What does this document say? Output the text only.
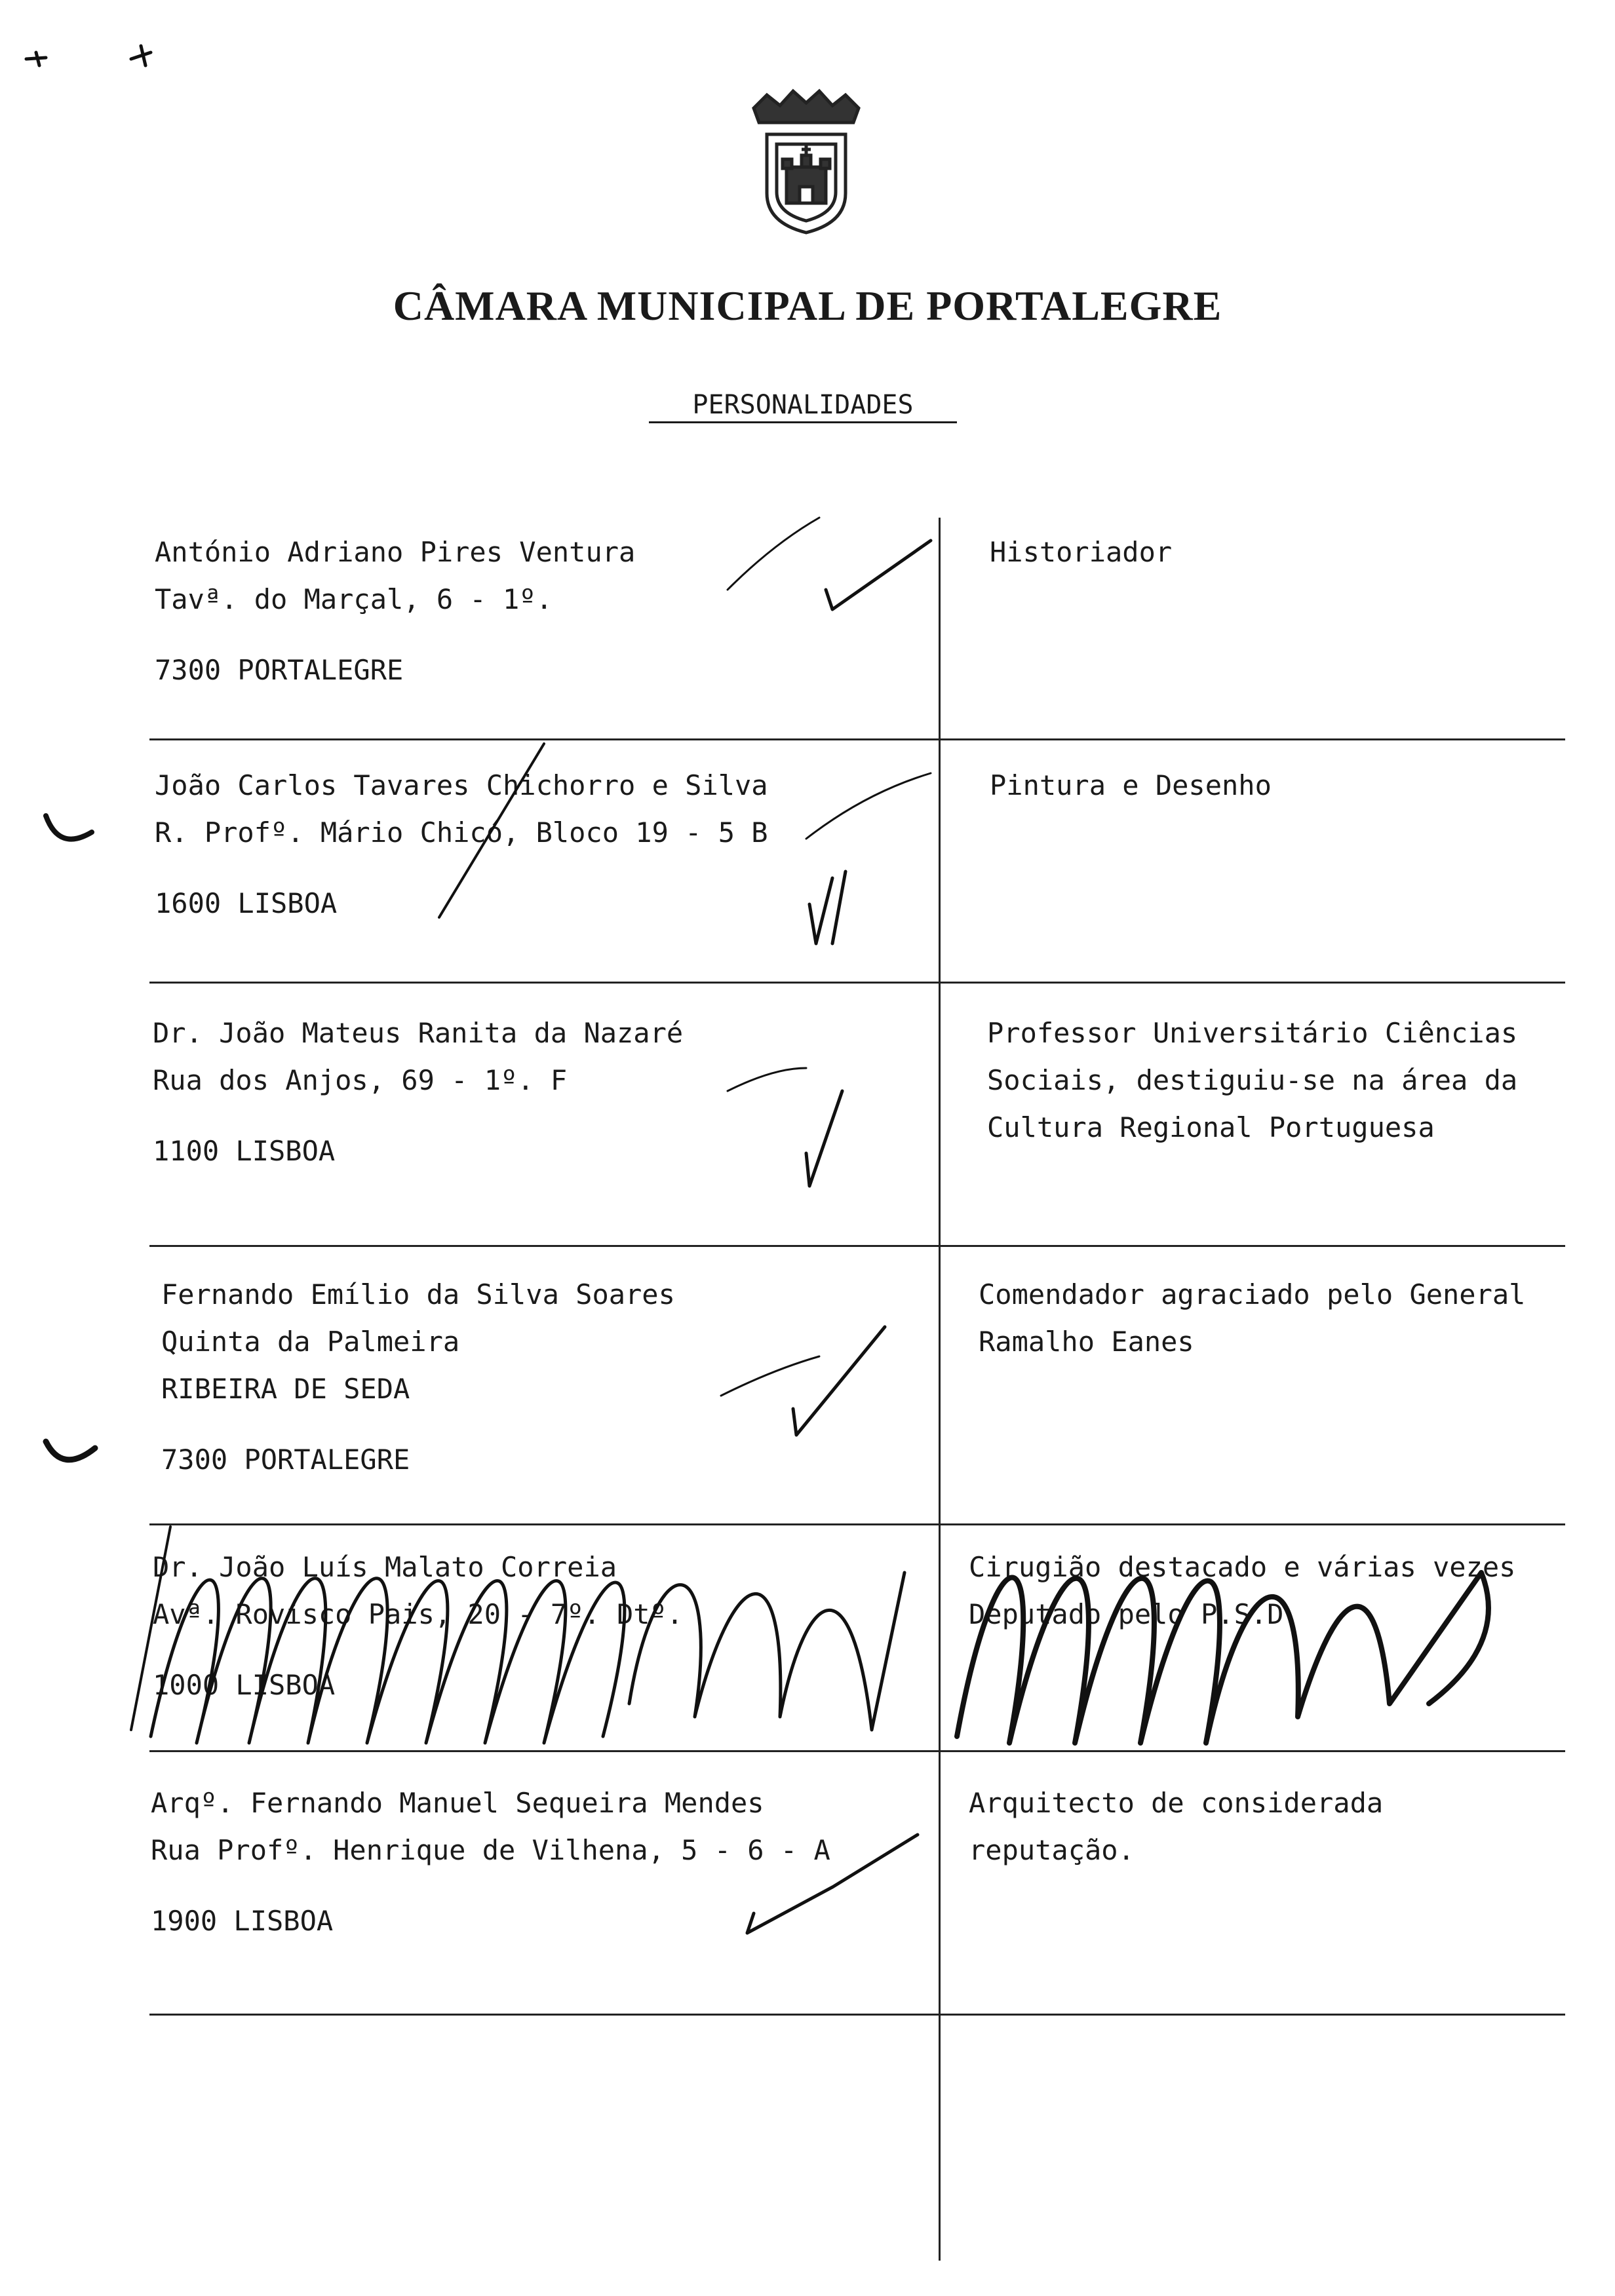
CÂMARA MUNICIPAL DE PORTALEGRE
PERSONALIDADES
António Adriano Pires Ventura
Tavª. do Marçal, 6 - 1º.
7300 PORTALEGRE
Historiador
João Carlos Tavares Chichorro e Silva
R. Profº. Mário Chicó, Bloco 19 - 5 B
1600 LISBOA
Pintura e Desenho
Dr. João Mateus Ranita da Nazaré
Rua dos Anjos, 69 - 1º. F
1100 LISBOA
Professor Universitário Ciências Sociais, destiguiu-se na área da Cultura Regional Portuguesa
Fernando Emílio da Silva Soares
Quinta da Palmeira
RIBEIRA DE SEDA
7300 PORTALEGRE
Comendador agraciado pelo General Ramalho Eanes
Dr. João Luís Malato Correia
Avª. Rovisco Pais, 20 - 7º. Dtº.
1000 LISBOA
Cirugião destacado e várias vezes Deputado pelo P.S.D.
Arqº. Fernando Manuel Sequeira Mendes
Rua Profº. Henrique de Vilhena, 5 - 6 - A
1900 LISBOA
Arquitecto de considerada reputação.
